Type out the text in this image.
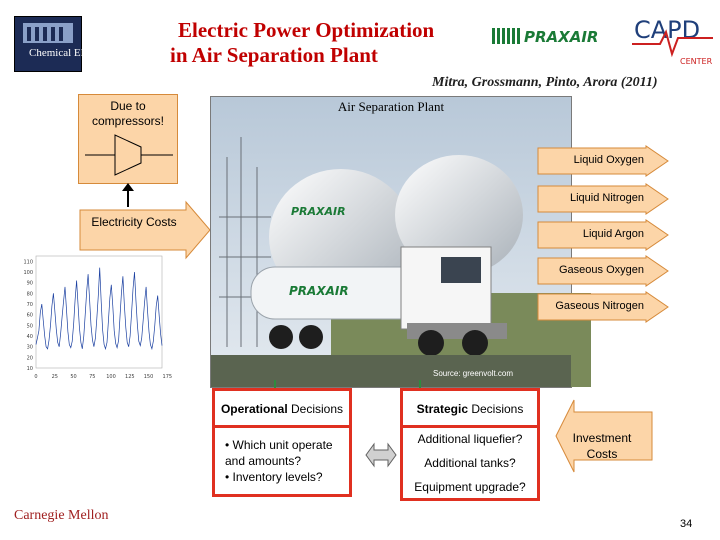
Chemical ENGINEERING
Electric Power Optimization
in Air Separation Plant
PRAXAIR CAPD
CENTER
Mitra, Grossmann, Pinto, Arora (2011)
Due to compressors!
Electricity Costs
PRAXAIR
PRAXAIR
Air Separation Plant
Source: greenvolt.com
Liquid Oxygen
Liquid Nitrogen
Liquid Argon
Gaseous Oxygen
Gaseous Nitrogen
0	25 50 75 100 125 150 175
10
20
30
40
50
60
70
80
90
100
110
Operational Decisions
• Which unit operate
and amounts?
• Inventory levels?
Strategic Decisions
Additional liquefier?
Additional tanks?
Equipment upgrade?
Investment Costs
Carnegie Mellon
34
